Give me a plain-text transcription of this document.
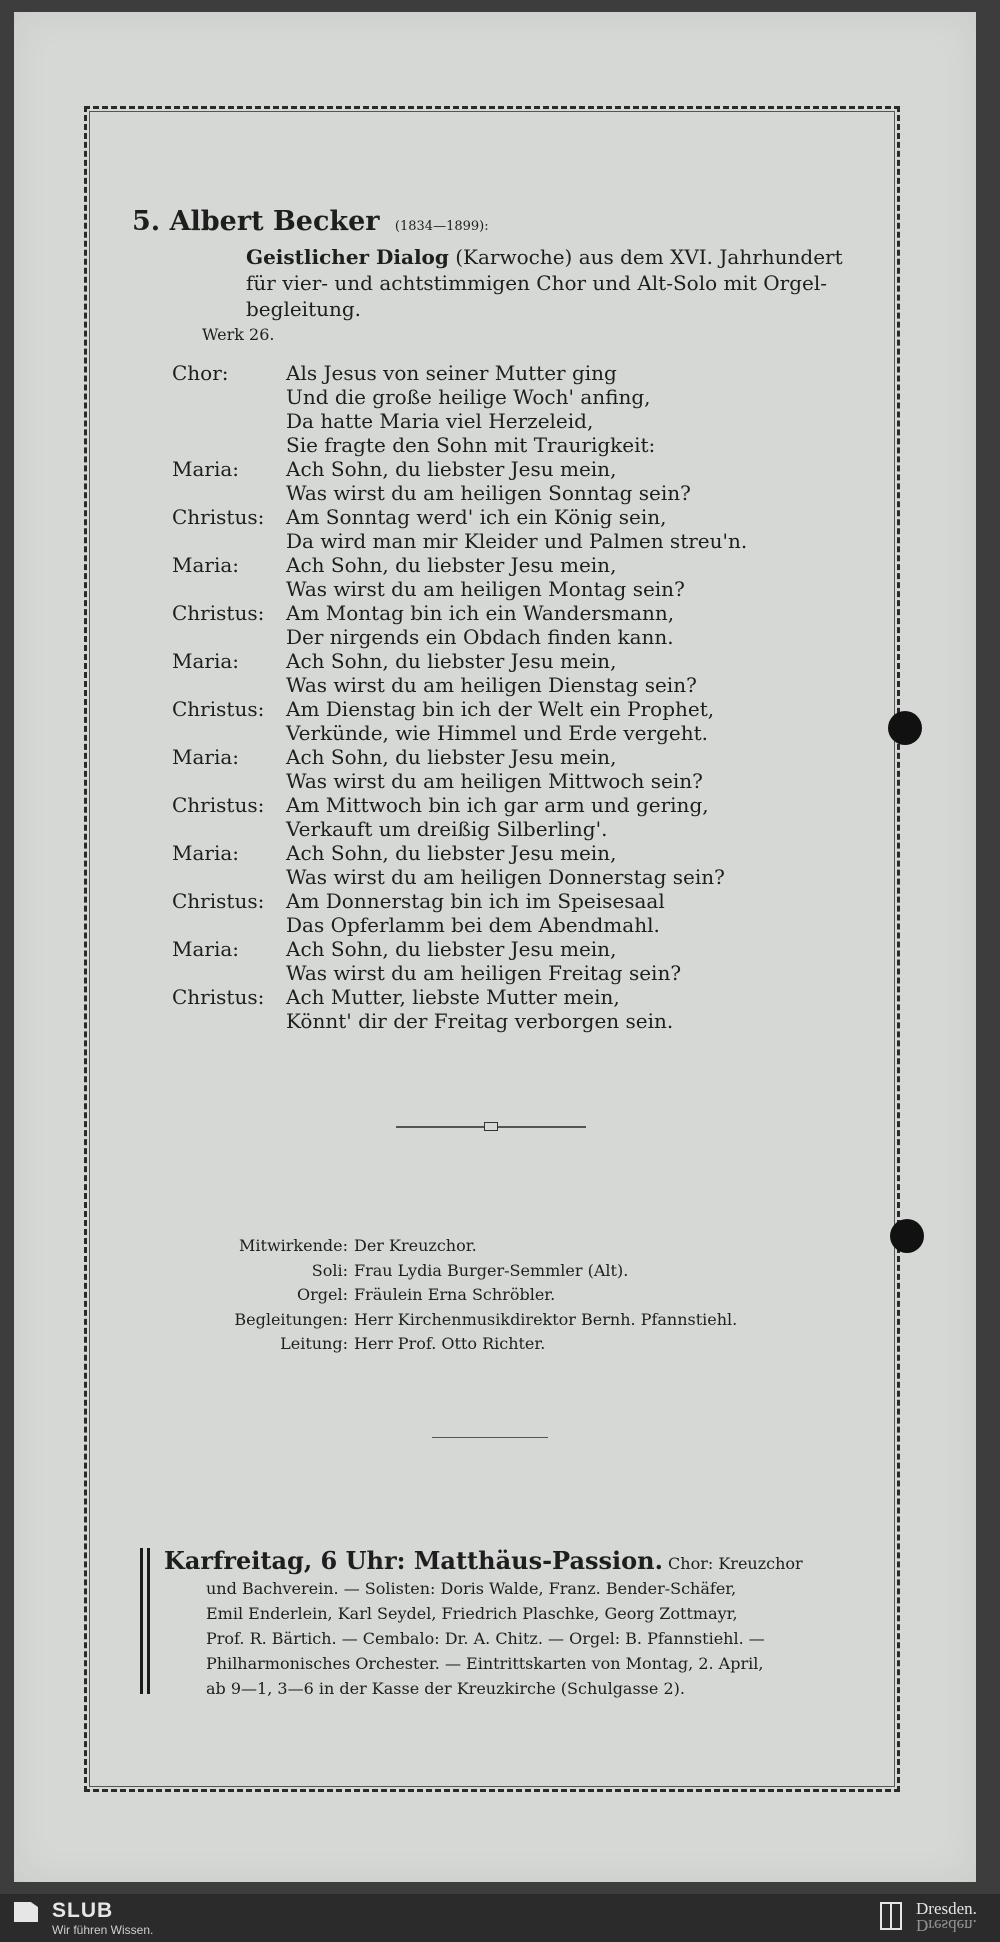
5. Albert Becker (1834—1899):
Geistlicher Dialog (Karwoche) aus dem XVI. Jahrhundert
für vier- und achtstimmigen Chor und Alt-Solo mit Orgel-
begleitung.
Werk 26.
Chor:	Als Jesus von seiner Mutter ging
Und die große heilige Woch' anfing,
Da hatte Maria viel Herzeleid,
Sie fragte den Sohn mit Traurigkeit:
Maria:	Ach Sohn, du liebster Jesu mein,
Was wirst du am heiligen Sonntag sein?
Christus:	Am Sonntag werd' ich ein König sein,
Da wird man mir Kleider und Palmen streu'n.
Maria:	Ach Sohn, du liebster Jesu mein,
Was wirst du am heiligen Montag sein?
Christus:	Am Montag bin ich ein Wandersmann,
Der nirgends ein Obdach finden kann.
Maria:	Ach Sohn, du liebster Jesu mein,
Was wirst du am heiligen Dienstag sein?
Christus:	Am Dienstag bin ich der Welt ein Prophet,
Verkünde, wie Himmel und Erde vergeht.
Maria:	Ach Sohn, du liebster Jesu mein,
Was wirst du am heiligen Mittwoch sein?
Christus:	Am Mittwoch bin ich gar arm und gering,
Verkauft um dreißig Silberling'.
Maria:	Ach Sohn, du liebster Jesu mein,
Was wirst du am heiligen Donnerstag sein?
Christus:	Am Donnerstag bin ich im Speisesaal
Das Opferlamm bei dem Abendmahl.
Maria:	Ach Sohn, du liebster Jesu mein,
Was wirst du am heiligen Freitag sein?
Christus:	Ach Mutter, liebste Mutter mein,
Könnt' dir der Freitag verborgen sein.
Mitwirkende: Der Kreuzchor.
Soli: Frau Lydia Burger-Semmler (Alt).
Orgel: Fräulein Erna Schröbler.
Begleitungen: Herr Kirchenmusikdirektor Bernh. Pfannstiehl.
Leitung: Herr Prof. Otto Richter.
Karfreitag, 6 Uhr: Matthäus-Passion. Chor: Kreuzchor
und Bachverein. — Solisten: Doris Walde, Franz. Bender-Schäfer,
Emil Enderlein, Karl Seydel, Friedrich Plaschke, Georg Zottmayr,
Prof. R. Bärtich. — Cembalo: Dr. A. Chitz. — Orgel: B. Pfannstiehl. —
Philharmonisches Orchester. — Eintrittskarten von Montag, 2. April,
ab 9—1, 3—6 in der Kasse der Kreuzkirche (Schulgasse 2).
SLUB
Wir führen Wissen.
Dresden.
Dresden.
